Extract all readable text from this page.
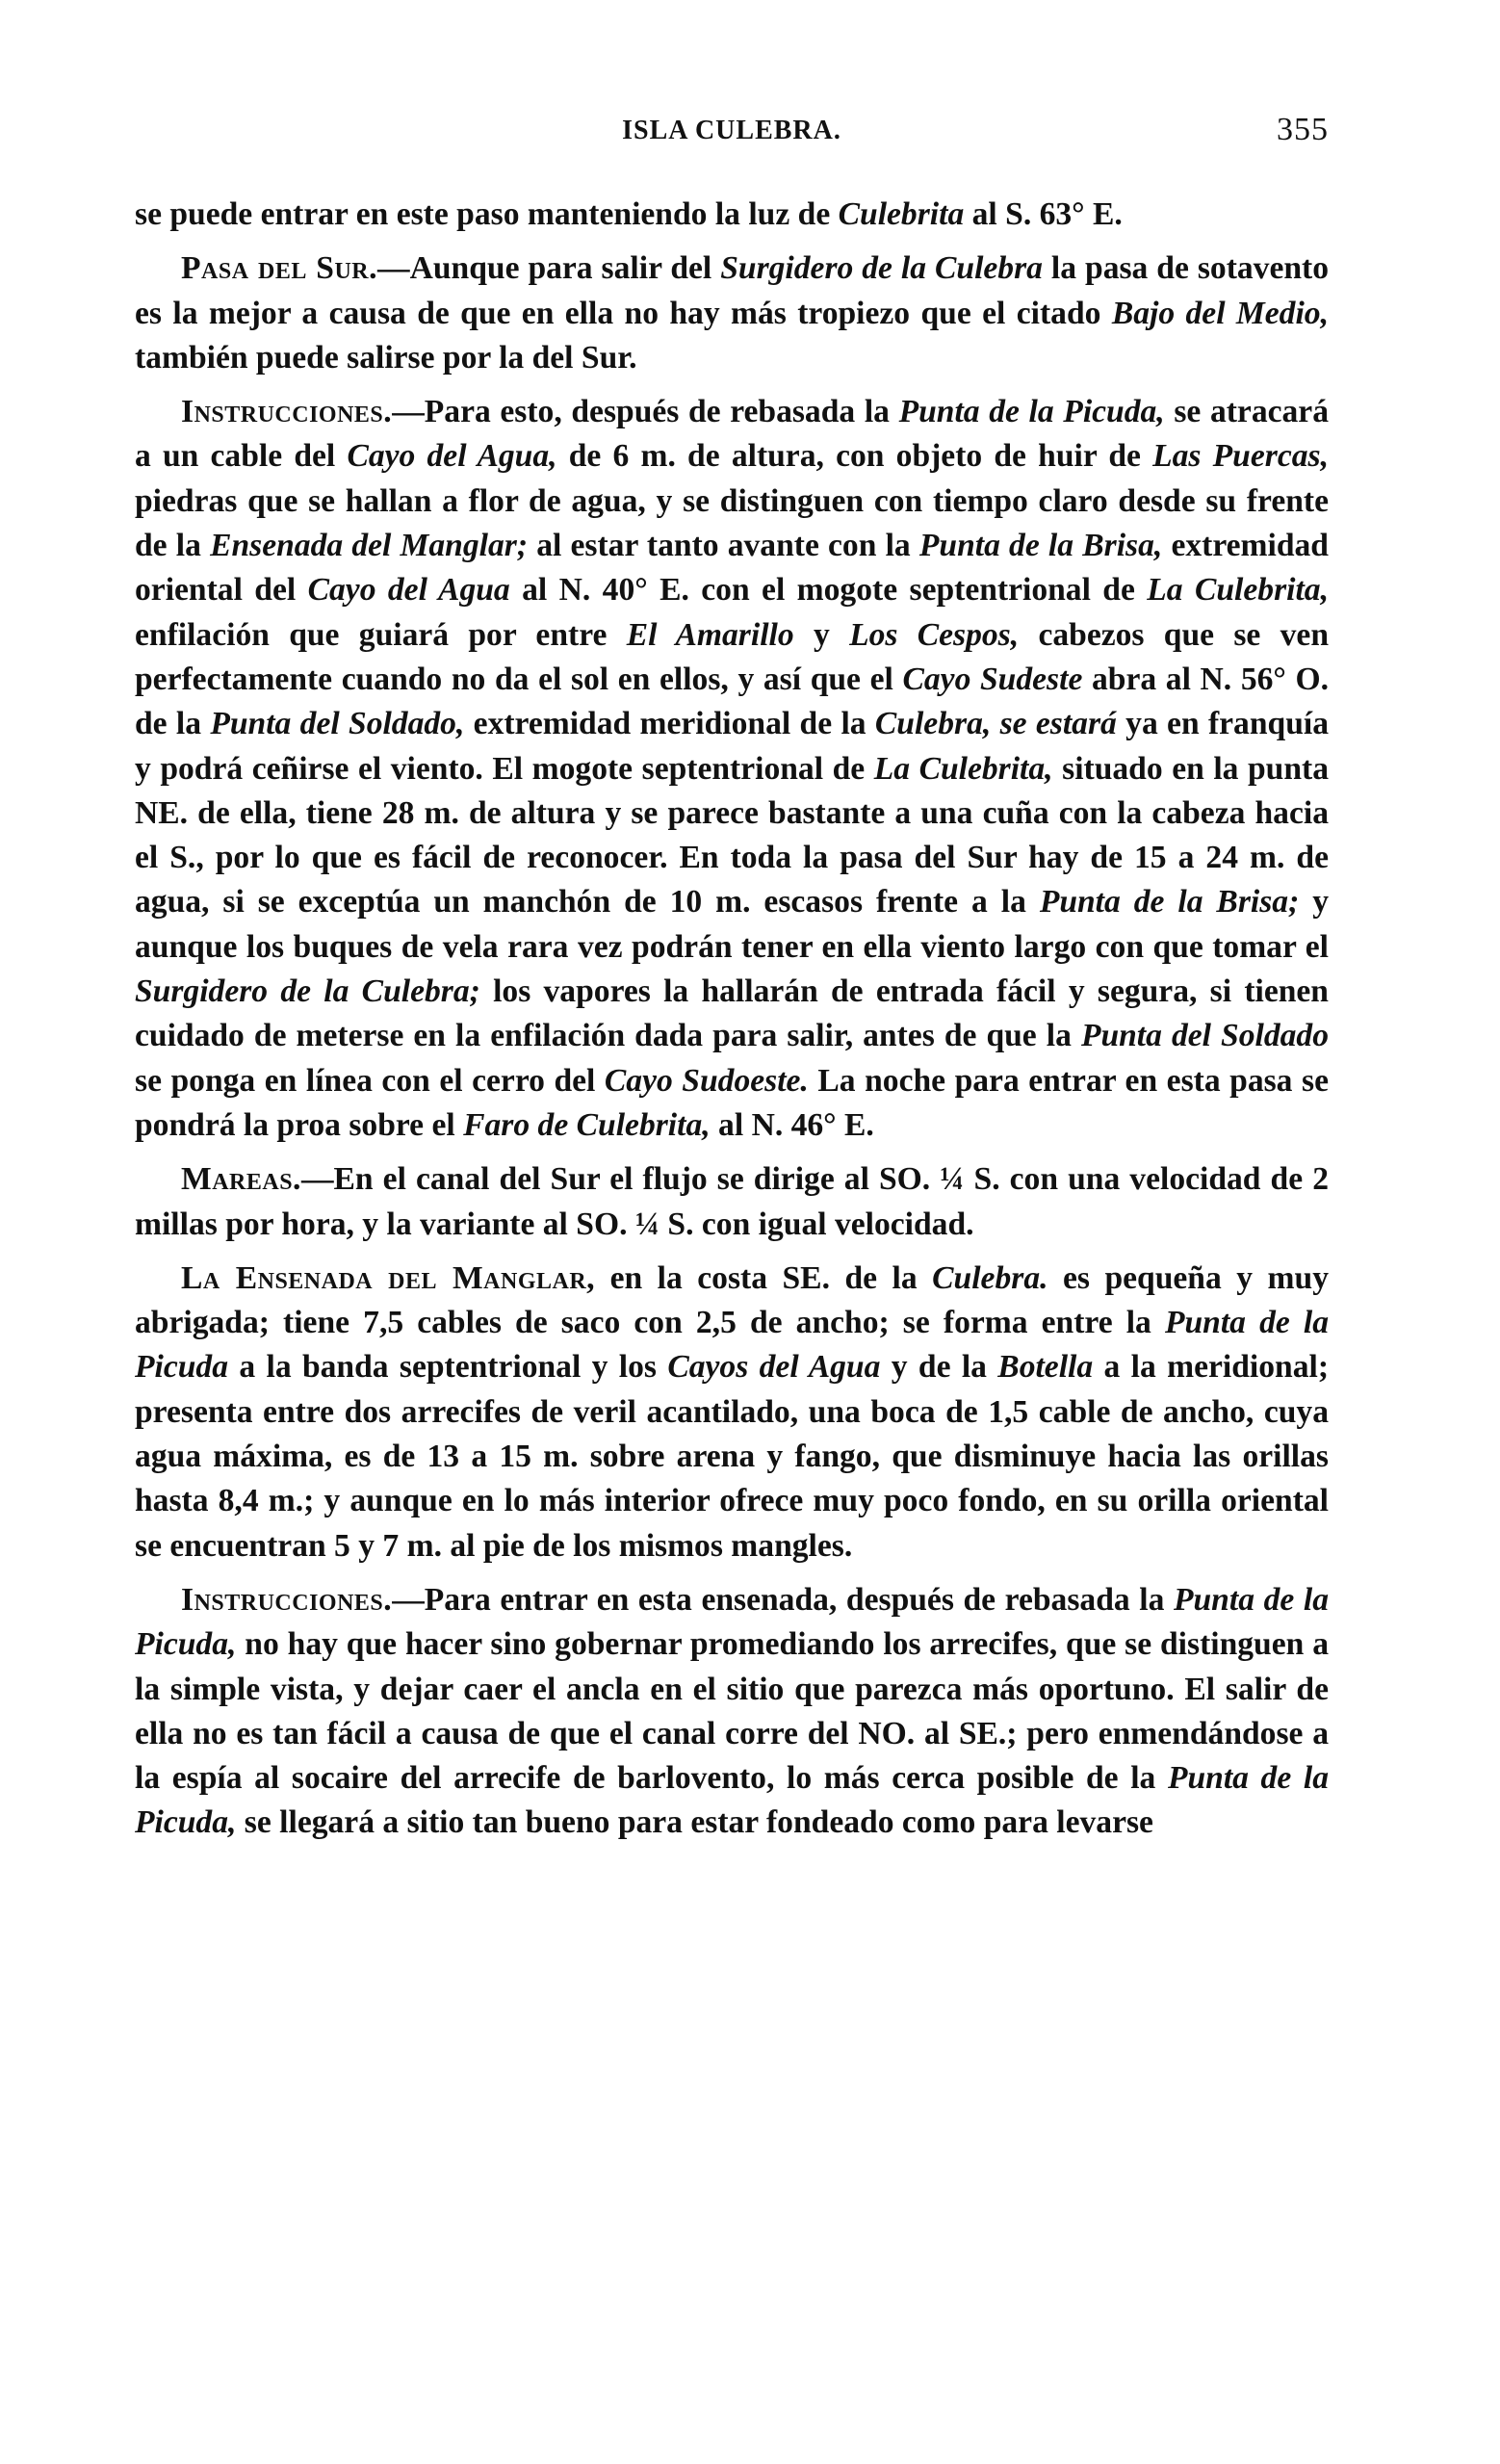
ISLA CULEBRA.	355

se puede entrar en este paso manteniendo la luz de Culebrita al S. 63° E.

Pasa del Sur.—Aunque para salir del Surgidero de la Culebra la pasa de sotavento es la mejor a causa de que en ella no hay más tropiezo que el citado Bajo del Medio, también puede salirse por la del Sur.

Instrucciones.—Para esto, después de rebasada la Punta de la Picuda, se atracará a un cable del Cayo del Agua, de 6 m. de altura, con objeto de huir de Las Puercas, piedras que se hallan a flor de agua, y se distinguen con tiempo claro desde su frente de la Ensenada del Manglar; al estar tanto avante con la Punta de la Brisa, extremidad oriental del Cayo del Agua al N. 40° E. con el mogote septentrional de La Culebrita, enfilación que guiará por entre El Amarillo y Los Cespos, cabezos que se ven perfectamente cuando no da el sol en ellos, y así que el Cayo Sudeste abra al N. 56° O. de la Punta del Soldado, extremidad meridional de la Culebra, se estará ya en franquía y podrá ceñirse el viento. El mogote septentrional de La Culebrita, situado en la punta NE. de ella, tiene 28 m. de altura y se parece bastante a una cuña con la cabeza hacia el S., por lo que es fácil de reconocer. En toda la pasa del Sur hay de 15 a 24 m. de agua, si se exceptúa un manchón de 10 m. escasos frente a la Punta de la Brisa; y aunque los buques de vela rara vez podrán tener en ella viento largo con que tomar el Surgidero de la Culebra; los vapores la hallarán de entrada fácil y segura, si tienen cuidado de meterse en la enfilación dada para salir, antes de que la Punta del Soldado se ponga en línea con el cerro del Cayo Sudoeste. La noche para entrar en esta pasa se pondrá la proa sobre el Faro de Culebrita, al N. 46° E.

Mareas.—En el canal del Sur el flujo se dirige al SO. ¼ S. con una velocidad de 2 millas por hora, y la variante al SO. ¼ S. con igual velocidad.

La Ensenada del Manglar, en la costa SE. de la Culebra. es pequeña y muy abrigada; tiene 7,5 cables de saco con 2,5 de ancho; se forma entre la Punta de la Picuda a la banda septentrional y los Cayos del Agua y de la Botella a la meridional; presenta entre dos arrecifes de veril acantilado, una boca de 1,5 cable de ancho, cuya agua máxima, es de 13 a 15 m. sobre arena y fango, que disminuye hacia las orillas hasta 8,4 m.; y aunque en lo más interior ofrece muy poco fondo, en su orilla oriental se encuentran 5 y 7 m. al pie de los mismos mangles.

Instrucciones.—Para entrar en esta ensenada, después de rebasada la Punta de la Picuda, no hay que hacer sino gobernar promediando los arrecifes, que se distinguen a la simple vista, y dejar caer el ancla en el sitio que parezca más oportuno. El salir de ella no es tan fácil a causa de que el canal corre del NO. al SE.; pero enmendándose a la espía al socaire del arrecife de barlovento, lo más cerca posible de la Punta de la Picuda, se llegará a sitio tan bueno para estar fondeado como para levarse
